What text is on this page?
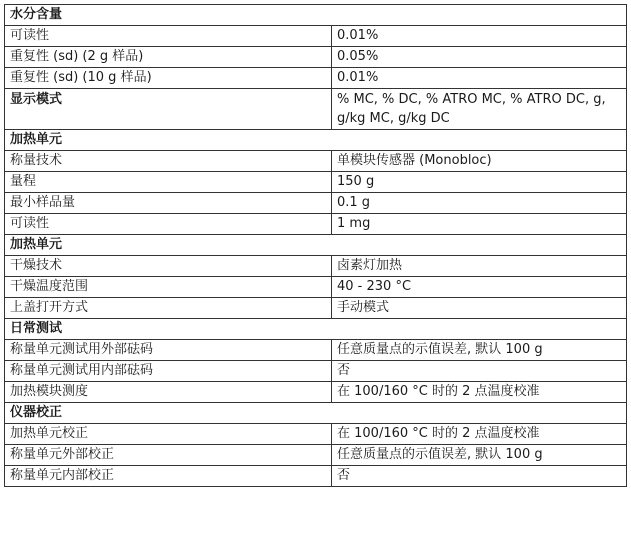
水分含量	
可读性	0.01%
重复性 (sd) (2 g 样品)	0.05%
重复性 (sd) (10 g 样品)	0.01%
显示模式	% MC, % DC, % ATRO MC, % ATRO DC, g, g/kg MC, g/kg DC
加热单元	
称量技术	单模块传感器 (Monobloc)
量程	150 g
最小样品量	0.1 g
可读性	1 mg
加热单元	
干燥技术	卤素灯加热
干燥温度范围	40 - 230 °C
上盖打开方式	手动模式
日常测试	
称量单元测试用外部砝码	任意质量点的示值误差, 默认 100 g
称量单元测试用内部砝码	否
加热模块测度	在 100/160 °C 时的 2 点温度校准
仪器校正	
加热单元校正	在 100/160 °C 时的 2 点温度校准
称量单元外部校正	任意质量点的示值误差, 默认 100 g
称量单元内部校正	否
